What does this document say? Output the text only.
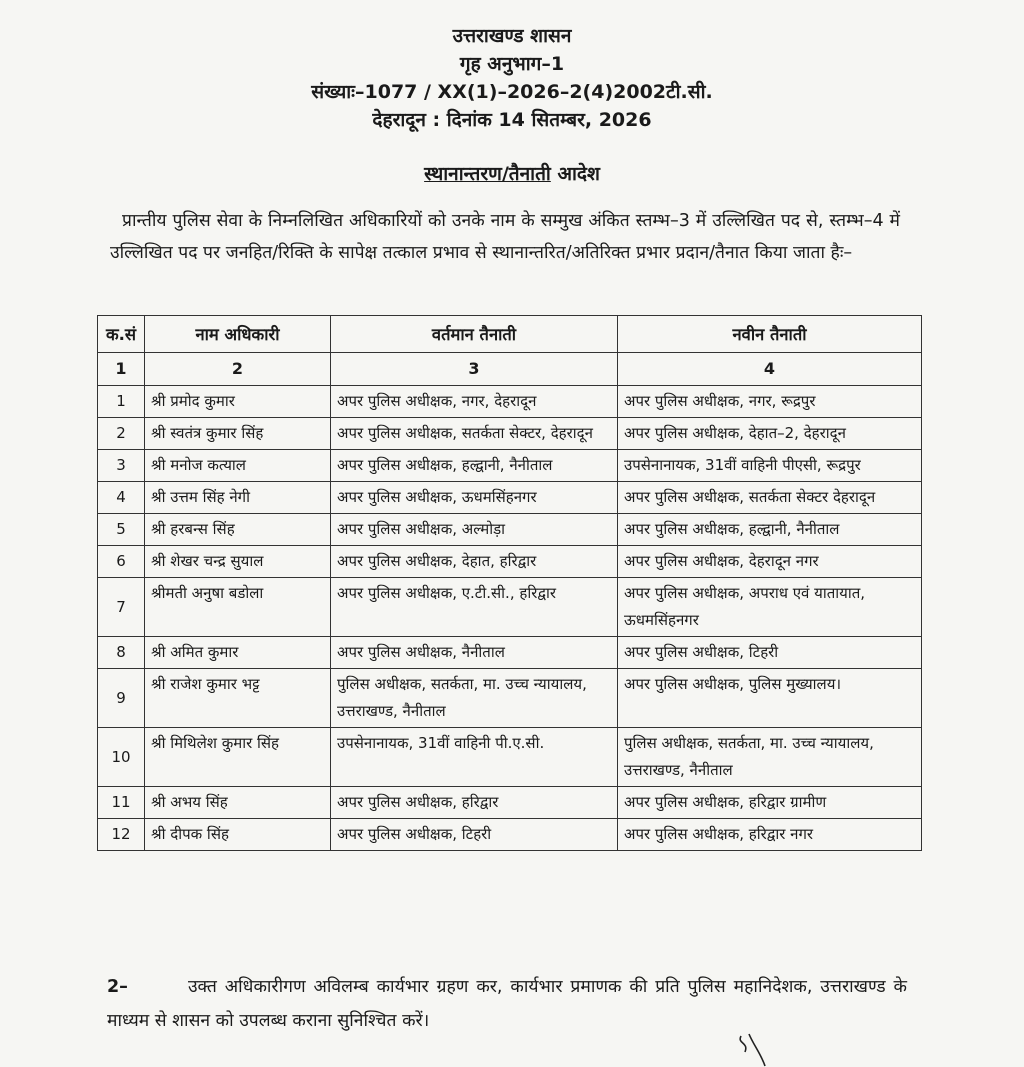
उत्तराखण्ड शासन
गृह अनुभाग–1
संख्याः–1077 / XX(1)–2026–2(4)2002टी.सी.
देहरादून : दिनांक 14 सितम्बर, 2026
स्थानान्तरण/तैनाती आदेश
प्रान्तीय पुलिस सेवा के निम्नलिखित अधिकारियों को उनके नाम के सम्मुख अंकित स्तम्भ–3 में उल्लिखित पद से, स्तम्भ–4 में उल्लिखित पद पर जनहित/रिक्ति के सापेक्ष तत्काल प्रभाव से स्थानान्तरित/अतिरिक्त प्रभार प्रदान/तैनात किया जाता हैः–
क.सं	नाम अधिकारी	वर्तमान तैनाती	नवीन तैनाती
1	2	3	4
1	श्री प्रमोद कुमार	अपर पुलिस अधीक्षक, नगर, देहरादून	अपर पुलिस अधीक्षक, नगर, रूद्रपुर
2	श्री स्वतंत्र कुमार सिंह	अपर पुलिस अधीक्षक, सतर्कता सेक्टर, देहरादून	अपर पुलिस अधीक्षक, देहात–2, देहरादून
3	श्री मनोज कत्याल	अपर पुलिस अधीक्षक, हल्द्वानी, नैनीताल	उपसेनानायक, 31वीं वाहिनी पीएसी, रूद्रपुर
4	श्री उत्तम सिंह नेगी	अपर पुलिस अधीक्षक, ऊधमसिंहनगर	अपर पुलिस अधीक्षक, सतर्कता सेक्टर देहरादून
5	श्री हरबन्स सिंह	अपर पुलिस अधीक्षक, अल्मोड़ा	अपर पुलिस अधीक्षक, हल्द्वानी, नैनीताल
6	श्री शेखर चन्द्र सुयाल	अपर पुलिस अधीक्षक, देहात, हरिद्वार	अपर पुलिस अधीक्षक, देहरादून नगर
7	श्रीमती अनुषा बडोला	अपर पुलिस अधीक्षक, ए.टी.सी., हरिद्वार	अपर पुलिस अधीक्षक, अपराध एवं यातायात, ऊधमसिंहनगर
8	श्री अमित कुमार	अपर पुलिस अधीक्षक, नैनीताल	अपर पुलिस अधीक्षक, टिहरी
9	श्री राजेश कुमार भट्ट	पुलिस अधीक्षक, सतर्कता, मा. उच्च न्यायालय, उत्तराखण्ड, नैनीताल	अपर पुलिस अधीक्षक, पुलिस मुख्यालय।
10	श्री मिथिलेश कुमार सिंह	उपसेनानायक, 31वीं वाहिनी पी.ए.सी.	पुलिस अधीक्षक, सतर्कता, मा. उच्च न्यायालय, उत्तराखण्ड, नैनीताल
11	श्री अभय सिंह	अपर पुलिस अधीक्षक, हरिद्वार	अपर पुलिस अधीक्षक, हरिद्वार ग्रामीण
12	श्री दीपक सिंह	अपर पुलिस अधीक्षक, टिहरी	अपर पुलिस अधीक्षक, हरिद्वार नगर
2–	उक्त अधिकारीगण अविलम्ब कार्यभार ग्रहण कर, कार्यभार प्रमाणक की प्रति पुलिस महानिदेशक, उत्तराखण्ड के माध्यम से शासन को उपलब्ध कराना सुनिश्चित करें।
